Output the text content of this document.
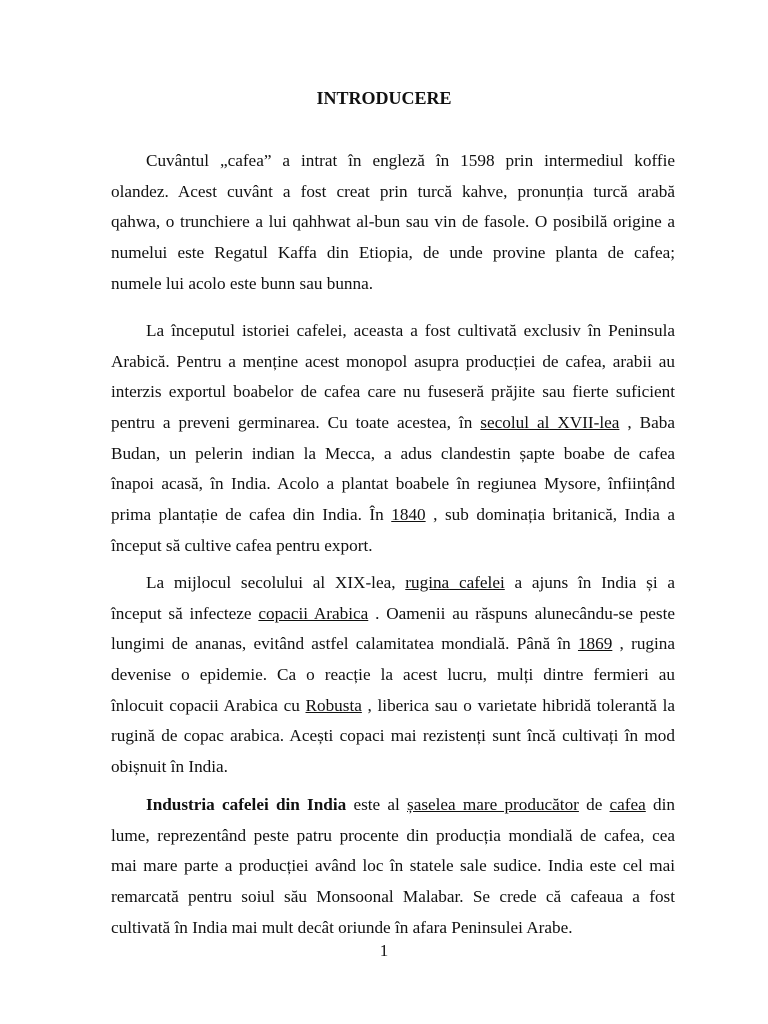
INTRODUCERE
Cuvântul „cafea” a intrat în engleză în 1598 prin intermediul koffie
olandez. Acest cuvânt a fost creat prin turcă kahve, pronunția turcă arabă
qahwa, o trunchiere a lui qahhwat al-bun sau vin de fasole. O posibilă origine a
numelui este Regatul Kaffa din Etiopia, de unde provine planta de cafea;
numele lui acolo este bunn sau bunna.
La începutul istoriei cafelei, aceasta a fost cultivată exclusiv în Peninsula
Arabică. Pentru a menține acest monopol asupra producției de cafea, arabii au
interzis exportul boabelor de cafea care nu fuseseră prăjite sau fierte suficient
pentru a preveni germinarea. Cu toate acestea, în secolul al XVII-lea , Baba
Budan, un pelerin indian la Mecca, a adus clandestin șapte boabe de cafea
înapoi acasă, în India. Acolo a plantat boabele în regiunea Mysore, înființând
prima plantație de cafea din India. În 1840 , sub dominația britanică, India a
început să cultive cafea pentru export.
La mijlocul secolului al XIX-lea, rugina cafelei a ajuns în India și a
început să infecteze copacii Arabica . Oamenii au răspuns alunecându-se peste
lungimi de ananas, evitând astfel calamitatea mondială. Până în 1869 , rugina
devenise o epidemie. Ca o reacție la acest lucru, mulți dintre fermieri au
înlocuit copacii Arabica cu Robusta , liberica sau o varietate hibridă tolerantă la
rugină de copac arabica. Acești copaci mai rezistenți sunt încă cultivați în mod
obișnuit în India.
Industria cafelei din India este al șaselea mare producător de cafea din
lume, reprezentând peste patru procente din producția mondială de cafea, cea
mai mare parte a producției având loc în statele sale sudice. India este cel mai
remarcată pentru soiul său Monsoonal Malabar. Se crede că cafeaua a fost
cultivată în India mai mult decât oriunde în afara Peninsulei Arabe.
1
